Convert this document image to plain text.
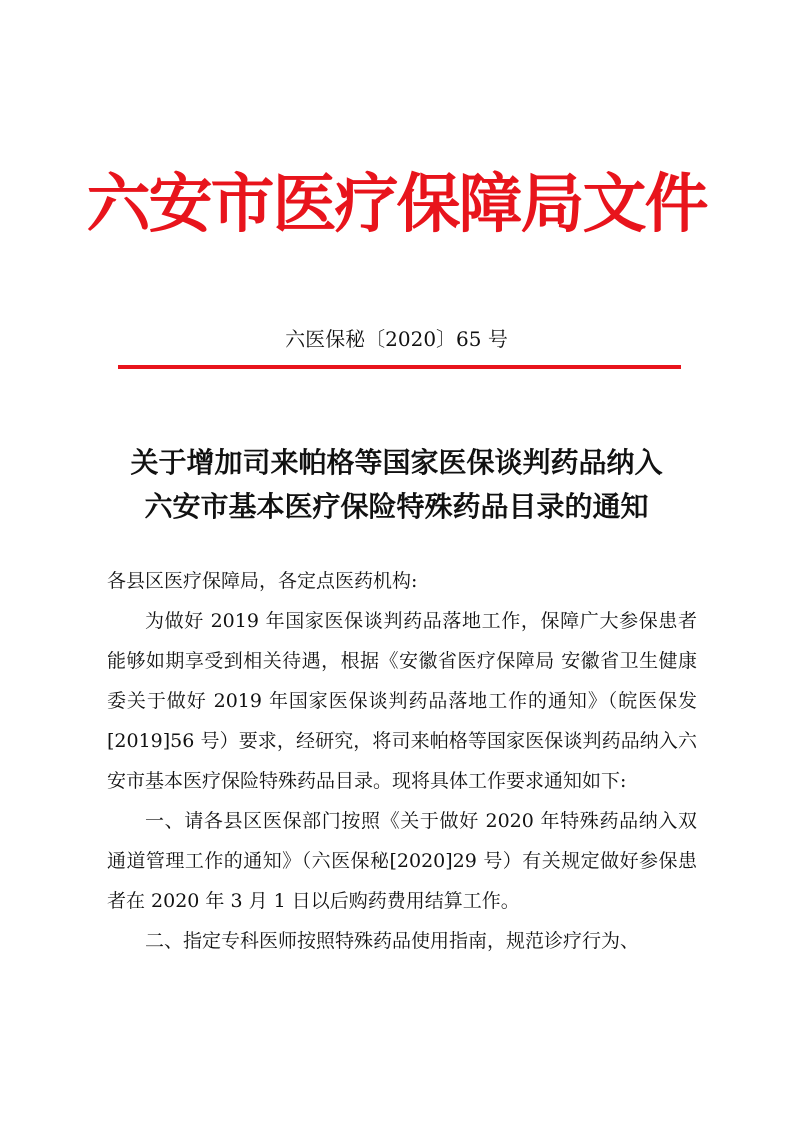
六安市医疗保障局文件
六医保秘〔2020〕65 号
关于增加司来帕格等国家医保谈判药品纳入
六安市基本医疗保险特殊药品目录的通知

各县区医疗保障局，各定点医药机构:

为做好 2019 年国家医保谈判药品落地工作，保障广大参保患者能够如期享受到相关待遇，根据《安徽省医疗保障局 安徽省卫生健康委关于做好 2019 年国家医保谈判药品落地工作的通知》（皖医保发[2019]56 号）要求，经研究，将司来帕格等国家医保谈判药品纳入六安市基本医疗保险特殊药品目录。现将具体工作要求通知如下:

一、请各县区医保部门按照《关于做好 2020 年特殊药品纳入双通道管理工作的通知》（六医保秘[2020]29 号）有关规定做好参保患者在 2020 年 3 月 1 日以后购药费用结算工作。

二、指定专科医师按照特殊药品使用指南，规范诊疗行为、
